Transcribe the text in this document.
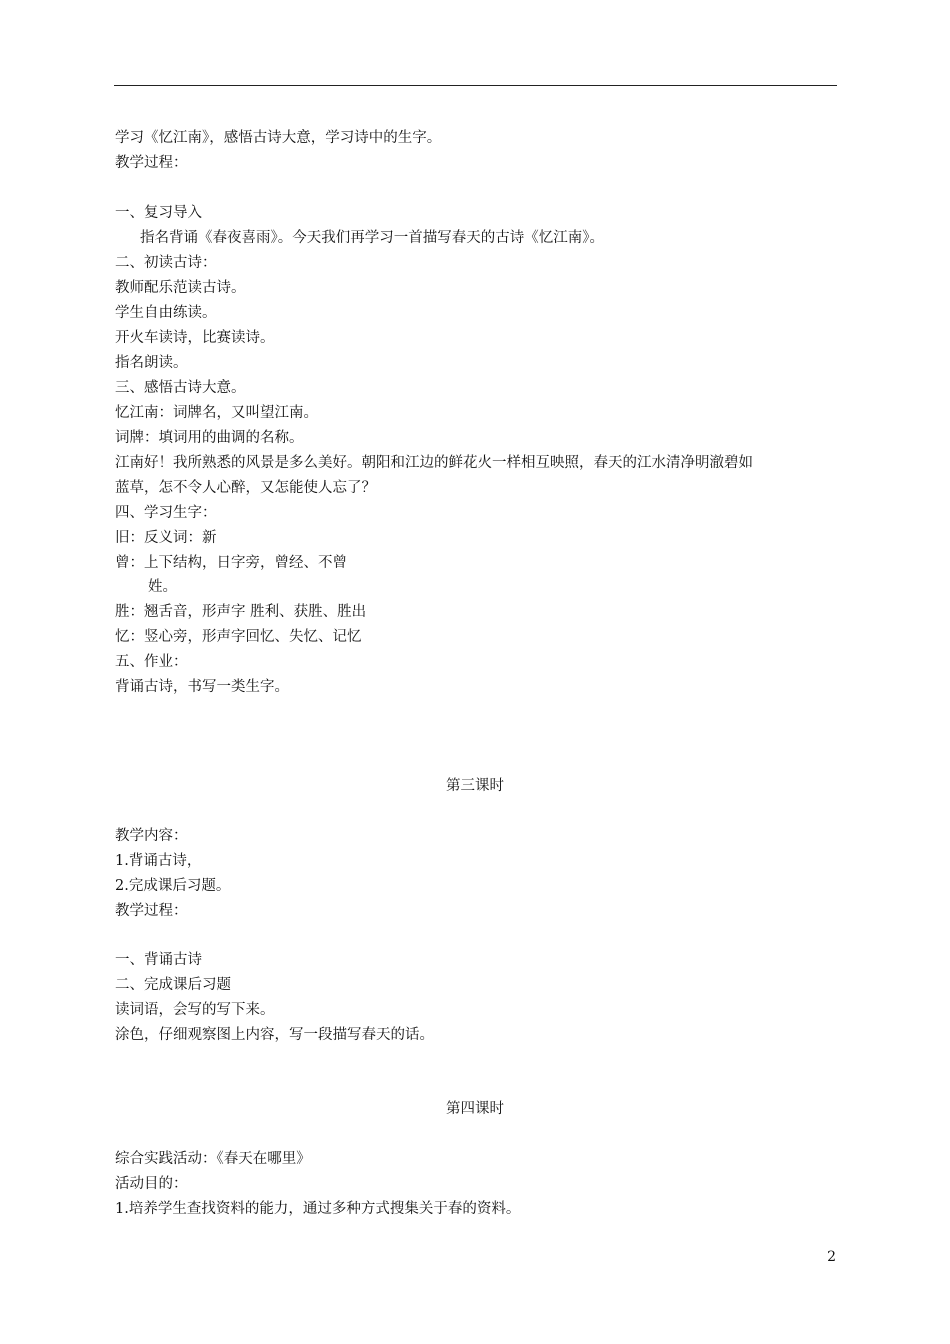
学习《忆江南》，感悟古诗大意，学习诗中的生字。
教学过程：
一、复习导入
指名背诵《春夜喜雨》。今天我们再学习一首描写春天的古诗《忆江南》。
二、初读古诗：
教师配乐范读古诗。
学生自由练读。
开火车读诗，比赛读诗。
指名朗读。
三、感悟古诗大意。
忆江南：词牌名，又叫望江南。
词牌：填词用的曲调的名称。
江南好！我所熟悉的风景是多么美好。朝阳和江边的鲜花火一样相互映照，春天的江水清净明澈碧如
蓝草，怎不令人心醉，又怎能使人忘了？
四、学习生字：
旧：反义词：新
曾：上下结构，日字旁，曾经、不曾
姓。
胜：翘舌音，形声字 胜利、获胜、胜出
忆：竖心旁，形声字回忆、失忆、记忆
五、作业：
背诵古诗，书写一类生字。
第三课时
教学内容：
1.背诵古诗，
2.完成课后习题。
教学过程：
一、背诵古诗
二、完成课后习题
读词语，会写的写下来。
涂色，仔细观察图上内容，写一段描写春天的话。
第四课时
综合实践活动：《春天在哪里》
活动目的：
1.培养学生查找资料的能力，通过多种方式搜集关于春的资料。
2
